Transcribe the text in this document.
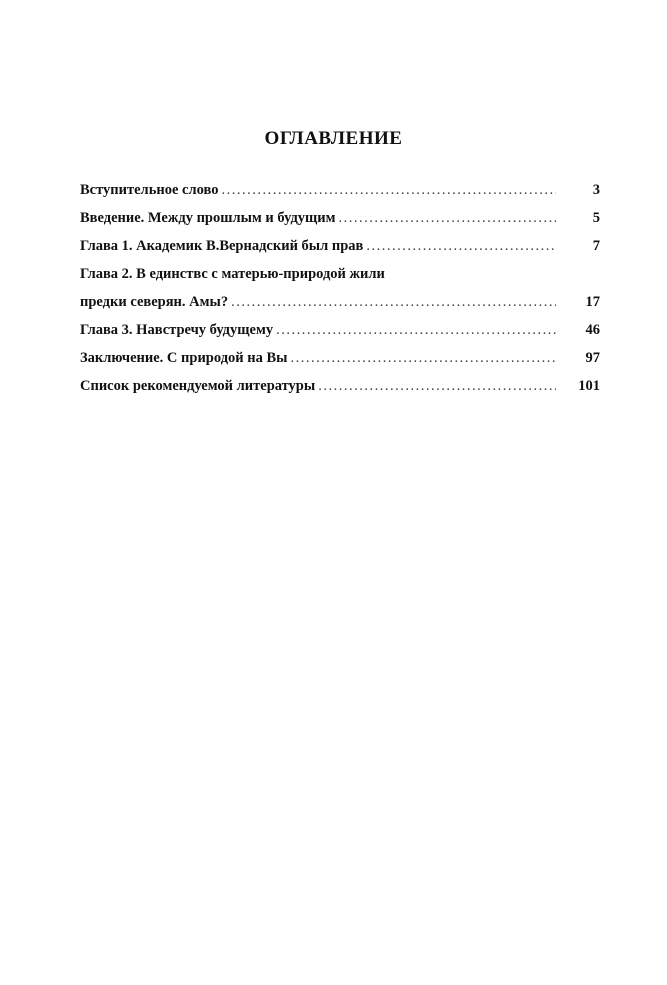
ОГЛАВЛЕНИЕ
Вступительное слово .....	3
Введение. Между прошлым и будущим .....	5
Глава 1. Академик В.Вернадский был прав .....	7
Глава 2. В единствс с матерью-природой жили
предки северян. Амы? .....	17
Глава 3. Навстречу будущему .....	46
Заключение. С природой на Вы .....	97
Список рекомендуемой литературы .....	101
